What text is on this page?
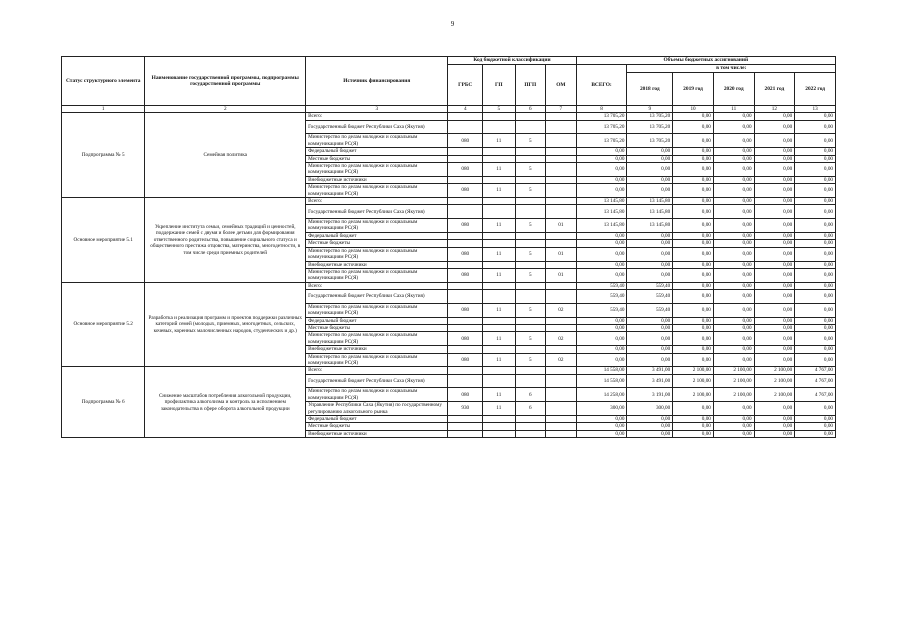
9
Статус структурного элемента	Наименование государственной программы, подпрограммы государственной программы	Источник финансирования	Код бюджетной классификации				Объемы бюджетных ассигнований					
			ГРБС	ГП	ПГП	ОМ	ВСЕГО:	в том числе:				
								2018 год	2019 год	2020 год	2021 год	2022 год
1	2	3	4	5	6	7	8	9	10	11	12	13
Подпрограмма № 5	Семейная политика	Всего:					13 705,20	13 705,20	0,00	0,00	0,00	0,00
		Государственный бюджет Республики Саха (Якутия)					13 705,20	13 705,20	0,00	0,00	0,00	0,00
		Министерство по делам молодежи и социальным коммуникациям РС(Я)	080	11	5		13 705,20	13 705,20	0,00	0,00	0,00	0,00
		Федеральный бюджет					0,00	0,00	0,00	0,00	0,00	0,00
		Местные бюджеты					0,00	0,00	0,00	0,00	0,00	0,00
		Министерство по делам молодежи и социальным коммуникациям РС(Я)	080	11	5		0,00	0,00	0,00	0,00	0,00	0,00
		Внебюджетные источники					0,00	0,00	0,00	0,00	0,00	0,00
		Министерство по делам молодежи и социальным коммуникациям РС(Я)	080	11	5		0,00	0,00	0,00	0,00	0,00	0,00
Основное мероприятие 5.1	Укрепление института семьи, семейных традиций и ценностей, поддержание семей с двумя и более детьми для формирования ответственного родительства, повышение социального статуса и общественного престижа отцовства, материнства, многодетности, в том числе среди приемных родителей	Всего:					13 145,80	13 145,80	0,00	0,00	0,00	0,00
		Государственный бюджет Республики Саха (Якутия)					13 145,80	13 145,80	0,00	0,00	0,00	0,00
		Министерство по делам молодежи и социальным коммуникациям РС(Я)	080	11	5	01	13 145,80	13 145,80	0,00	0,00	0,00	0,00
		Федеральный бюджет					0,00	0,00	0,00	0,00	0,00	0,00
		Местные бюджеты					0,00	0,00	0,00	0,00	0,00	0,00
		Министерство по делам молодежи и социальным коммуникациям РС(Я)	080	11	5	01	0,00	0,00	0,00	0,00	0,00	0,00
		Внебюджетные источники					0,00	0,00	0,00	0,00	0,00	0,00
		Министерство по делам молодежи и социальным коммуникациям РС(Я)	080	11	5	01	0,00	0,00	0,00	0,00	0,00	0,00
Основное мероприятие 5.2	Разработка и реализация программ и проектов поддержки различных категорий семей (молодых, приемных, многодетных, сельских, кочевых, коренных малочисленных народов, студенческих и др.)	Всего:					559,40	559,40	0,00	0,00	0,00	0,00
		Государственный бюджет Республики Саха (Якутия)					559,40	559,40	0,00	0,00	0,00	0,00
		Министерство по делам молодежи и социальным коммуникациям РС(Я)	080	11	5	02	559,40	559,40	0,00	0,00	0,00	0,00
		Федеральный бюджет					0,00	0,00	0,00	0,00	0,00	0,00
		Местные бюджеты					0,00	0,00	0,00	0,00	0,00	0,00
		Министерство по делам молодежи и социальным коммуникациям РС(Я)	080	11	5	02	0,00	0,00	0,00	0,00	0,00	0,00
		Внебюджетные источники					0,00	0,00	0,00	0,00	0,00	0,00
		Министерство по делам молодежи и социальным коммуникациям РС(Я)	080	11	5	02	0,00	0,00	0,00	0,00	0,00	0,00
Подпрограмма № 6	Снижение масштабов потребления алкогольной продукции, профилактика алкоголизма и контроль за исполнением законодательства в сфере оборота алкогольной продукции	Всего:					14 558,00	3 491,00	2 100,00	2 100,00	2 100,00	4 767,00
		Государственный бюджет Республики Саха (Якутия)					14 558,00	3 491,00	2 100,00	2 100,00	2 100,00	4 767,00
		Министерство по делам молодежи и социальным коммуникациям РС(Я)	080	11	6		14 258,00	3 191,00	2 100,00	2 100,00	2 100,00	4 767,00
		Управление Республики Саха (Якутия) по государственному регулированию алкогольного рынка	930	11	6		300,00	300,00	0,00	0,00	0,00	0,00
		Федеральный бюджет					0,00	0,00	0,00	0,00	0,00	0,00
		Местные бюджеты					0,00	0,00	0,00	0,00	0,00	0,00
		Внебюджетные источники					0,00	0,00	0,00	0,00	0,00	0,00
